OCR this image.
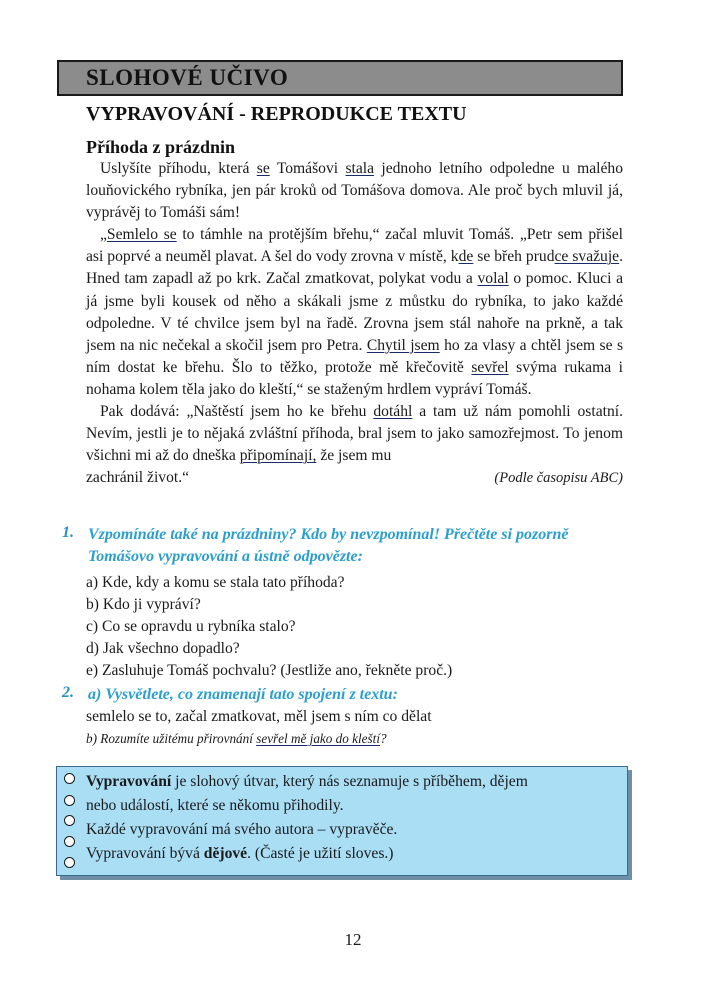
SLOHOVÉ UČIVO
VYPRAVOVÁNÍ - REPRODUKCE TEXTU
Příhoda z prázdnin

Uslyšíte příhodu, která se Tomášovi stala jednoho letního odpoledne u malého louňovického rybníka, jen pár kroků od Tomášova domova. Ale proč bych mluvil já, vyprávěj to Tomáši sám!

„Semlelo se to támhle na protějším břehu,“ začal mluvit Tomáš. „Petr sem přišel asi poprvé a neuměl plavat. A šel do vody zrovna v místě, kde se břeh prudce svažuje. Hned tam zapadl až po krk. Začal zmatkovat, polykat vodu a volal o pomoc. Kluci a já jsme byli kousek od něho a skákali jsme z můstku do rybníka, to jako každé odpoledne. V té chvilce jsem byl na řadě. Zrovna jsem stál nahoře na prkně, a tak jsem na nic nečekal a skočil jsem pro Petra. Chytil jsem ho za vlasy a chtěl jsem se s ním dostat ke břehu. Šlo to těžko, protože mě křečovitě sevřel svýma rukama i nohama kolem těla jako do kleští,“ se staženým hrdlem vypráví Tomáš.

Pak dodává: „Naštěstí jsem ho ke břehu dotáhl a tam už nám pomohli ostatní. Nevím, jestli je to nějaká zvláštní příhoda, bral jsem to jako samozřejmost. To jenom všichni mi až do dneška připomínají, že jsem mu

zachránil život.“	(Podle časopisu ABC)
1. Vzpomínáte také na prázdniny? Kdo by nevzpomínal! Přečtěte si pozorně Tomášovo vypravování a ústně odpovězte:
a) Kde, kdy a komu se stala tato příhoda?
b) Kdo ji vypráví?
c) Co se opravdu u rybníka stalo?
d) Jak všechno dopadlo?
e) Zasluhuje Tomáš pochvalu? (Jestliže ano, řekněte proč.)
2. a) Vysvětlete, co znamenají tato spojení z textu:
semlelo se to, začal zmatkovat, měl jsem s ním co dělat
b) Rozumíte užitému přirovnání sevřel mě jako do kleští?
Vypravování je slohový útvar, který nás seznamuje s příběhem, dějem
nebo událostí, které se někomu přihodily.
Každé vypravování má svého autora – vypravěče.
Vypravování bývá dějové. (Časté je užití sloves.)
12
